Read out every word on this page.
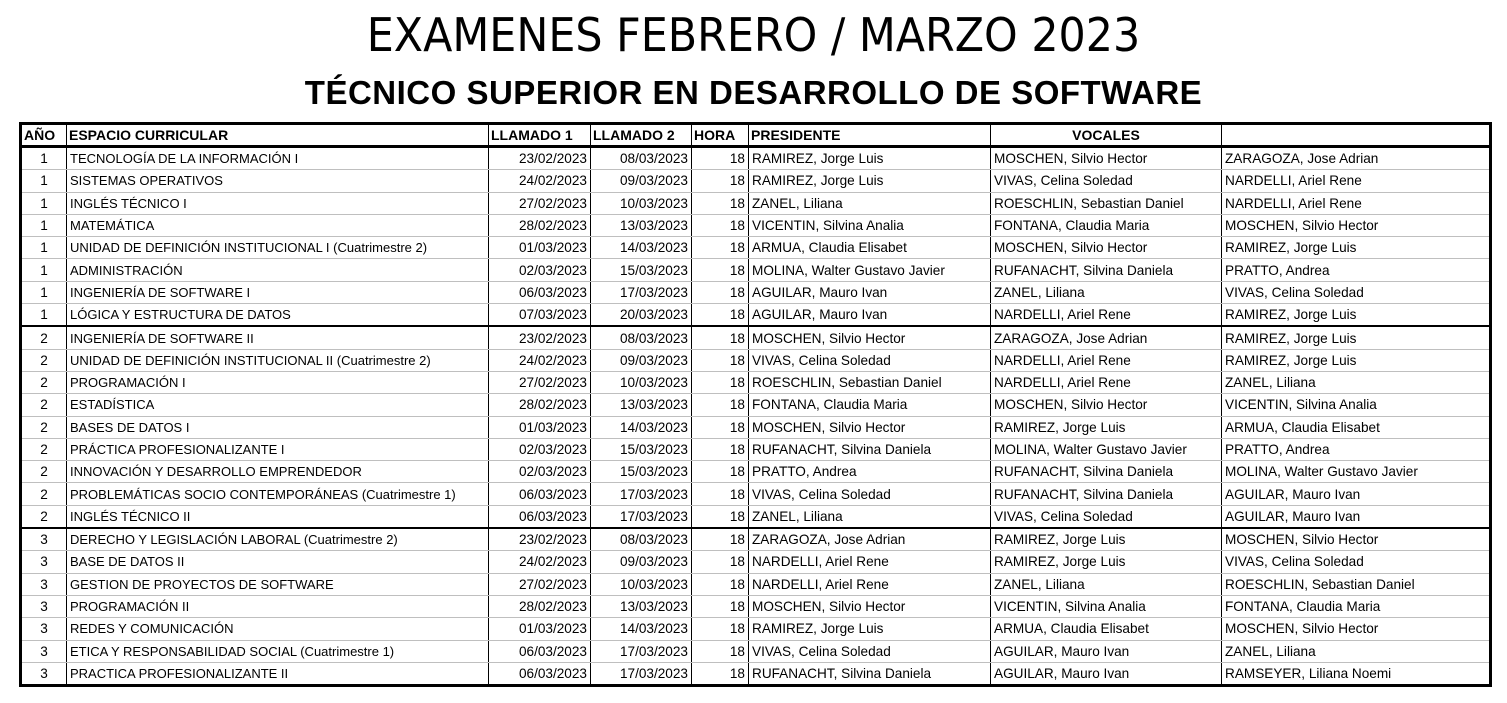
EXAMENES FEBRERO / MARZO 2023
TÉCNICO SUPERIOR EN DESARROLLO DE SOFTWARE
AÑO	ESPACIO CURRICULAR	LLAMADO 1	LLAMADO 2	HORA	PRESIDENTE	VOCALES	
1	TECNOLOGÍA DE LA INFORMACIÓN I	23/02/2023	08/03/2023	18	RAMIREZ, Jorge Luis	MOSCHEN, Silvio Hector	ZARAGOZA, Jose Adrian
1	SISTEMAS OPERATIVOS	24/02/2023	09/03/2023	18	RAMIREZ, Jorge Luis	VIVAS, Celina Soledad	NARDELLI, Ariel Rene
1	INGLÉS TÉCNICO I	27/02/2023	10/03/2023	18	ZANEL, Liliana	ROESCHLIN, Sebastian Daniel	NARDELLI, Ariel Rene
1	MATEMÁTICA	28/02/2023	13/03/2023	18	VICENTIN, Silvina Analia	FONTANA, Claudia Maria	MOSCHEN, Silvio Hector
1	UNIDAD DE DEFINICIÓN INSTITUCIONAL I (Cuatrimestre 2)	01/03/2023	14/03/2023	18	ARMUA, Claudia Elisabet	MOSCHEN, Silvio Hector	RAMIREZ, Jorge Luis
1	ADMINISTRACIÓN	02/03/2023	15/03/2023	18	MOLINA, Walter Gustavo Javier	RUFANACHT, Silvina Daniela	PRATTO, Andrea
1	INGENIERÍA DE SOFTWARE I	06/03/2023	17/03/2023	18	AGUILAR, Mauro Ivan	ZANEL, Liliana	VIVAS, Celina Soledad
1	LÓGICA Y ESTRUCTURA DE DATOS	07/03/2023	20/03/2023	18	AGUILAR, Mauro Ivan	NARDELLI, Ariel Rene	RAMIREZ, Jorge Luis
2	INGENIERÍA DE SOFTWARE II	23/02/2023	08/03/2023	18	MOSCHEN, Silvio Hector	ZARAGOZA, Jose Adrian	RAMIREZ, Jorge Luis
2	UNIDAD DE DEFINICIÓN INSTITUCIONAL II (Cuatrimestre 2)	24/02/2023	09/03/2023	18	VIVAS, Celina Soledad	NARDELLI, Ariel Rene	RAMIREZ, Jorge Luis
2	PROGRAMACIÓN I	27/02/2023	10/03/2023	18	ROESCHLIN, Sebastian Daniel	NARDELLI, Ariel Rene	ZANEL, Liliana
2	ESTADÍSTICA	28/02/2023	13/03/2023	18	FONTANA, Claudia Maria	MOSCHEN, Silvio Hector	VICENTIN, Silvina Analia
2	BASES DE DATOS I	01/03/2023	14/03/2023	18	MOSCHEN, Silvio Hector	RAMIREZ, Jorge Luis	ARMUA, Claudia Elisabet
2	PRÁCTICA PROFESIONALIZANTE I	02/03/2023	15/03/2023	18	RUFANACHT, Silvina Daniela	MOLINA, Walter Gustavo Javier	PRATTO, Andrea
2	INNOVACIÓN Y DESARROLLO EMPRENDEDOR	02/03/2023	15/03/2023	18	PRATTO, Andrea	RUFANACHT, Silvina Daniela	MOLINA, Walter Gustavo Javier
2	PROBLEMÁTICAS SOCIO CONTEMPORÁNEAS (Cuatrimestre 1)	06/03/2023	17/03/2023	18	VIVAS, Celina Soledad	RUFANACHT, Silvina Daniela	AGUILAR, Mauro Ivan
2	INGLÉS TÉCNICO II	06/03/2023	17/03/2023	18	ZANEL, Liliana	VIVAS, Celina Soledad	AGUILAR, Mauro Ivan
3	DERECHO Y LEGISLACIÓN LABORAL (Cuatrimestre 2)	23/02/2023	08/03/2023	18	ZARAGOZA, Jose Adrian	RAMIREZ, Jorge Luis	MOSCHEN, Silvio Hector
3	BASE DE DATOS II	24/02/2023	09/03/2023	18	NARDELLI, Ariel Rene	RAMIREZ, Jorge Luis	VIVAS, Celina Soledad
3	GESTION DE PROYECTOS DE SOFTWARE	27/02/2023	10/03/2023	18	NARDELLI, Ariel Rene	ZANEL, Liliana	ROESCHLIN, Sebastian Daniel
3	PROGRAMACIÓN II	28/02/2023	13/03/2023	18	MOSCHEN, Silvio Hector	VICENTIN, Silvina Analia	FONTANA, Claudia Maria
3	REDES Y COMUNICACIÓN	01/03/2023	14/03/2023	18	RAMIREZ, Jorge Luis	ARMUA, Claudia Elisabet	MOSCHEN, Silvio Hector
3	ETICA Y RESPONSABILIDAD SOCIAL (Cuatrimestre 1)	06/03/2023	17/03/2023	18	VIVAS, Celina Soledad	AGUILAR, Mauro Ivan	ZANEL, Liliana
3	PRACTICA PROFESIONALIZANTE II	06/03/2023	17/03/2023	18	RUFANACHT, Silvina Daniela	AGUILAR, Mauro Ivan	RAMSEYER, Liliana Noemi
